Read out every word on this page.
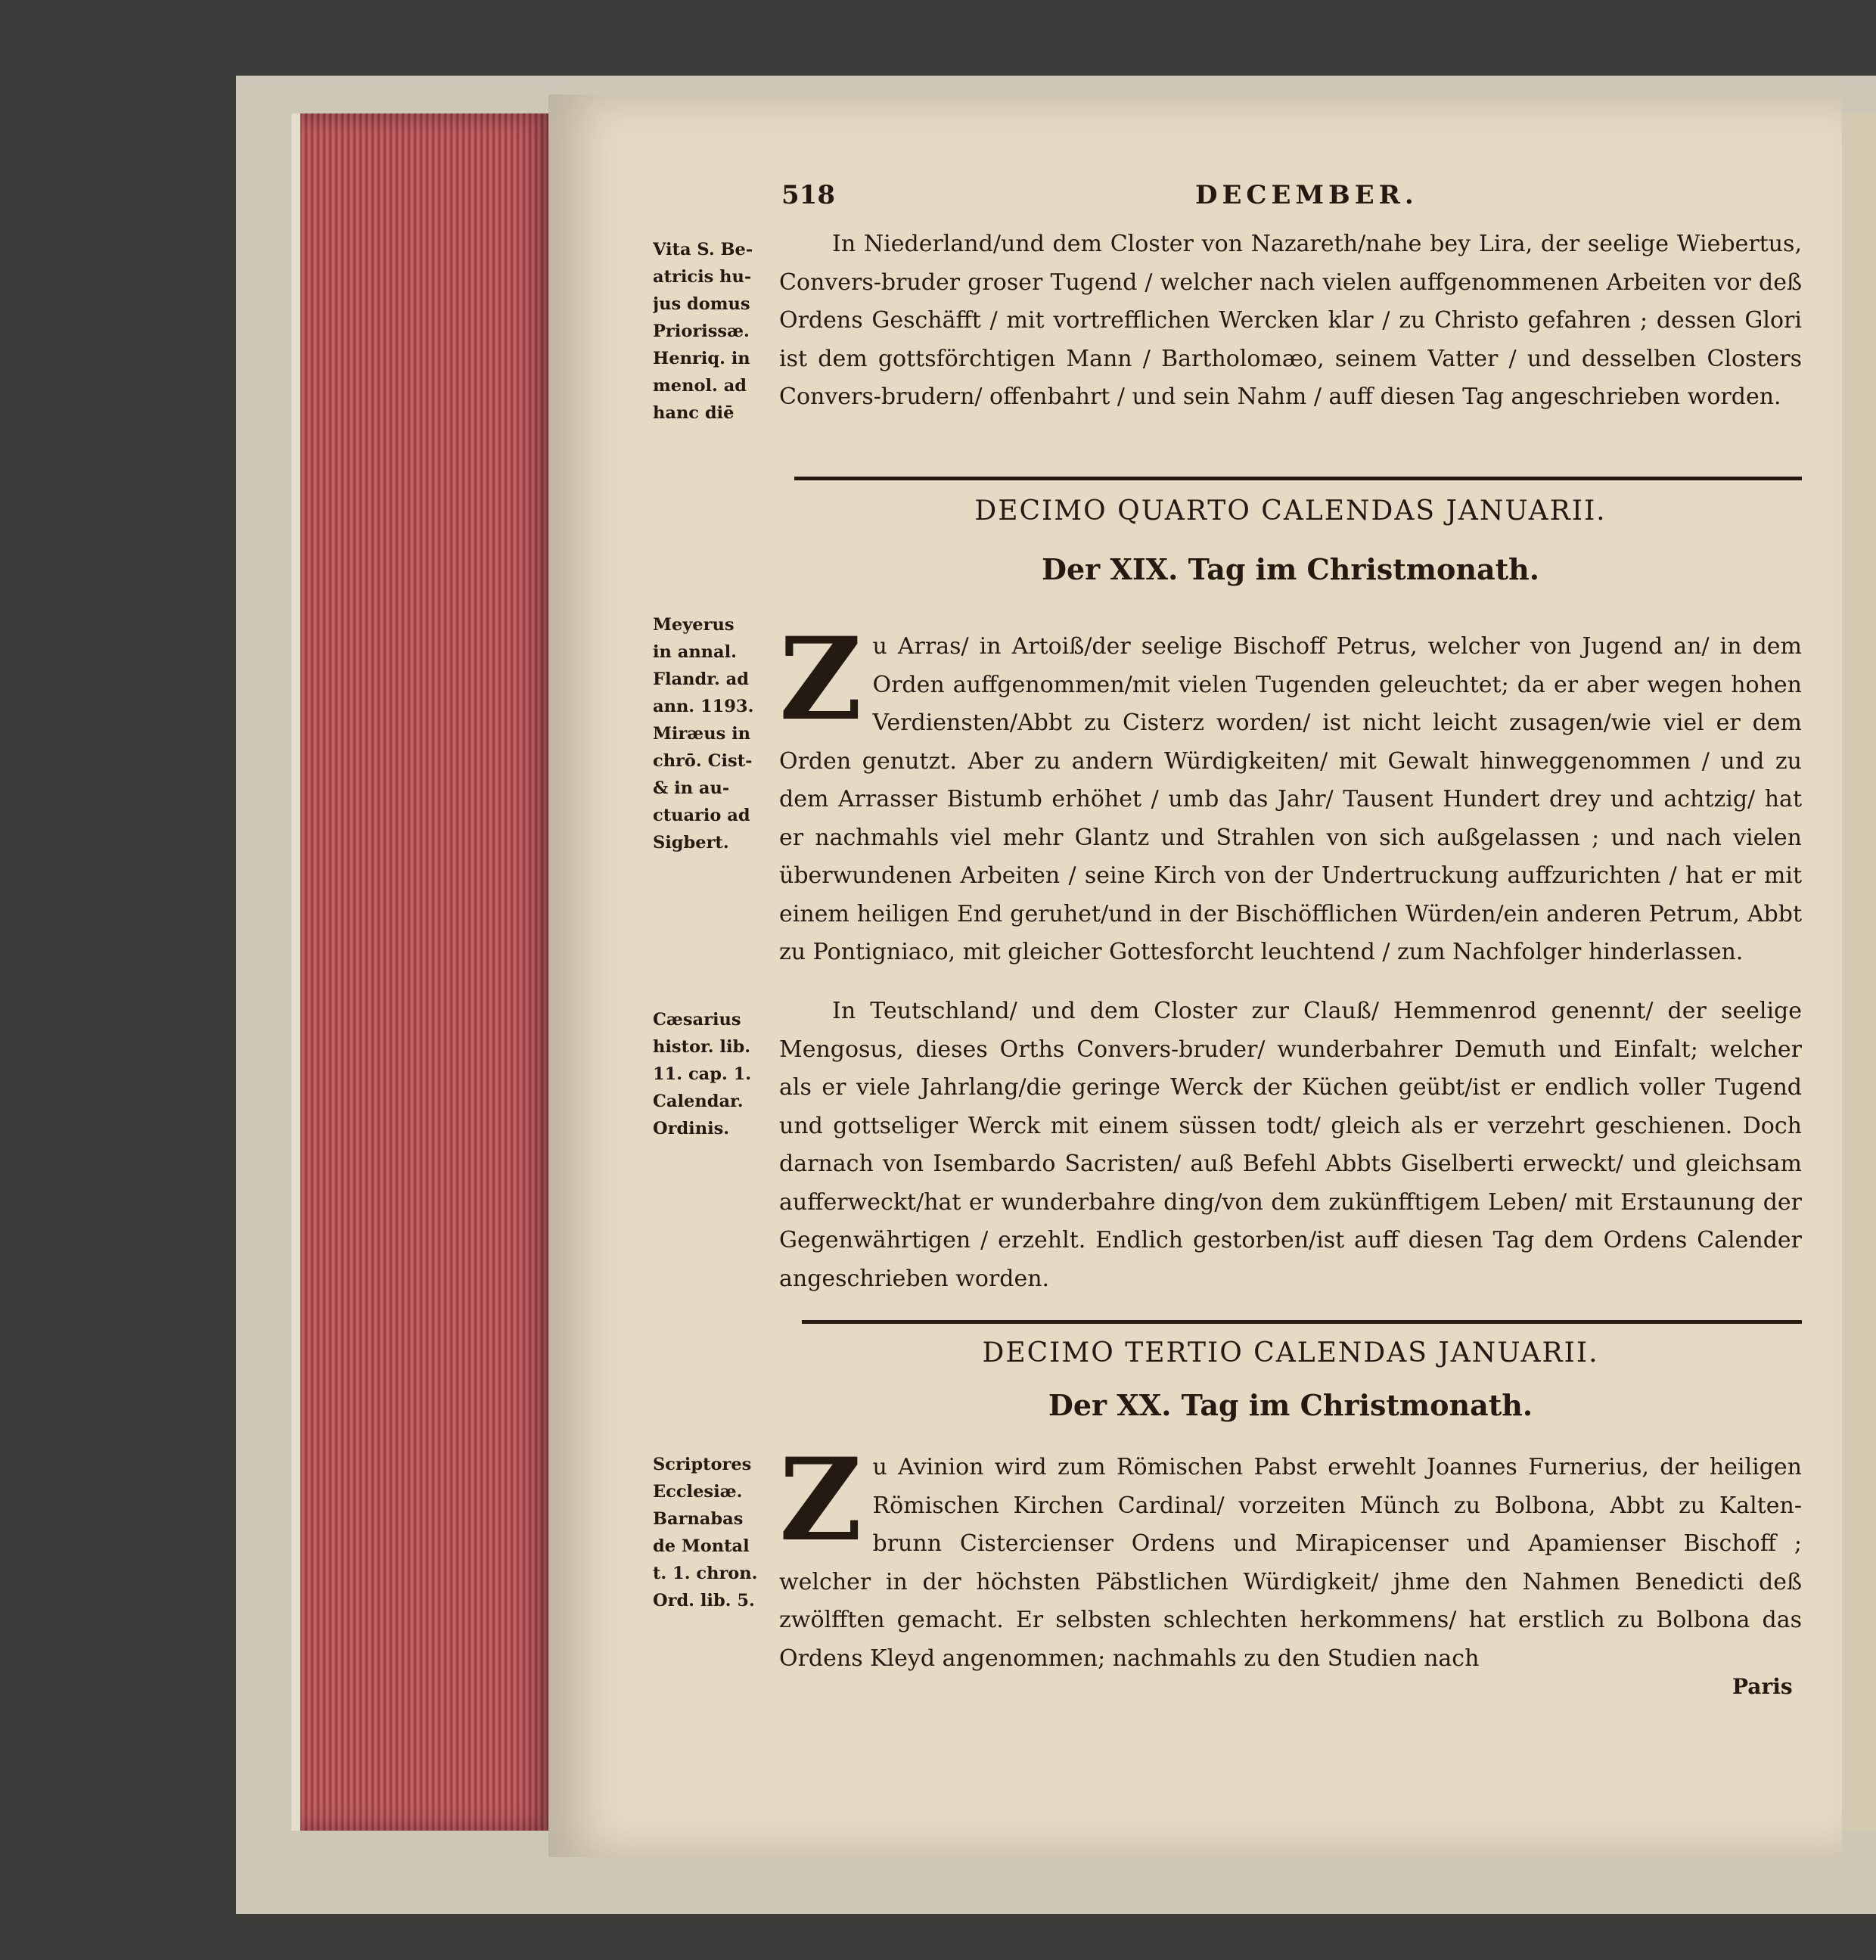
518	DECEMBER.
Vita S. Be-
atricis hu-
jus domus
Priorissæ.
Henriq. in
menol. ad
hanc diē
In Niederland/und dem Closter von Nazareth/nahe bey Lira, der seelige Wiebertus, Convers-bruder groser Tugend / welcher nach vielen auffgenommenen Arbeiten vor deß Ordens Geschäfft / mit vortrefflichen Wercken klar / zu Christo gefahren ; dessen Glori ist dem gottsförchtigen Mann / Bartholomæo, seinem Vatter / und desselben Closters Convers-brudern/ offenbahrt / und sein Nahm / auff diesen Tag angeschrieben worden.
DECIMO QUARTO CALENDAS JANUARII.
Der XIX. Tag im Christmonath.
Meyerus
in annal.
Flandr. ad
ann. 1193.
Miræus in
chrō. Cist-
& in au-
ctuario ad
Sigbert.
Zu Arras/ in Artoiß/der seelige Bischoff Petrus, welcher von Jugend an/ in dem Orden auffgenommen/mit vielen Tugenden geleuchtet; da er aber wegen hohen Verdiensten/Abbt zu Cisterz worden/ ist nicht leicht zusagen/wie viel er dem Orden genutzt. Aber zu andern Würdigkeiten/ mit Gewalt hinweggenommen / und zu dem Arrasser Bistumb erhöhet / umb das Jahr/ Tausent Hundert drey und achtzig/ hat er nachmahls viel mehr Glantz und Strahlen von sich außgelassen ; und nach vielen überwundenen Arbeiten / seine Kirch von der Undertruckung auffzurichten / hat er mit einem heiligen End geruhet/und in der Bischöfflichen Würden/ein anderen Petrum, Abbt zu Pontigniaco, mit gleicher Gottesforcht leuchtend / zum Nachfolger hinderlassen.
Cæsarius
histor. lib.
11. cap. 1.
Calendar.
Ordinis.
In Teutschland/ und dem Closter zur Clauß/ Hemmenrod genennt/ der seelige Mengosus, dieses Orths Convers-bruder/ wunderbahrer Demuth und Einfalt; welcher als er viele Jahrlang/die geringe Werck der Küchen geübt/ist er endlich voller Tugend und gottseliger Werck mit einem süssen todt/ gleich als er verzehrt geschienen. Doch darnach von Isembardo Sacristen/ auß Befehl Abbts Giselberti erweckt/ und gleichsam aufferweckt/hat er wunderbahre ding/von dem zukünfftigem Leben/ mit Erstaunung der Gegenwährtigen / erzehlt. Endlich gestorben/ist auff diesen Tag dem Ordens Calender angeschrieben worden.
DECIMO TERTIO CALENDAS JANUARII.
Der XX. Tag im Christmonath.
Scriptores
Ecclesiæ.
Barnabas
de Montal
t. 1. chron.
Ord. lib. 5.
Zu Avinion wird zum Römischen Pabst erwehlt Joannes Furnerius, der heiligen Römischen Kirchen Cardinal/ vorzeiten Münch zu Bolbona, Abbt zu Kalten-brunn Cistercienser Ordens und Mirapicenser und Apamienser Bischoff ; welcher in der höchsten Päbstlichen Würdigkeit/ jhme den Nahmen Benedicti deß zwölfften gemacht. Er selbsten schlechten herkommens/ hat erstlich zu Bolbona das Ordens Kleyd angenommen; nachmahls zu den Studien nach
Paris
